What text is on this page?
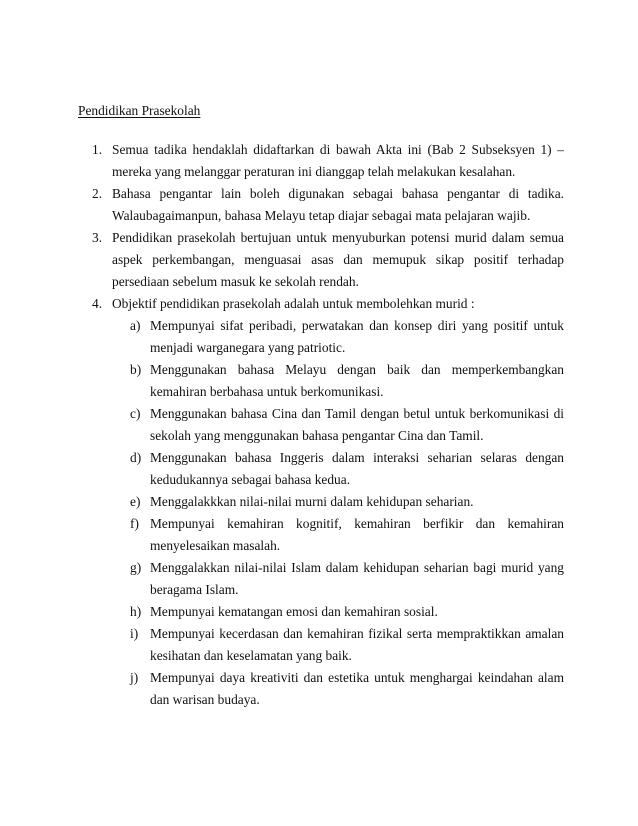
Pendidikan Prasekolah
1. Semua tadika hendaklah didaftarkan di bawah Akta ini (Bab 2 Subseksyen 1) – mereka yang melanggar peraturan ini dianggap telah melakukan kesalahan.
2. Bahasa pengantar lain boleh digunakan sebagai bahasa pengantar di tadika. Walaubagaimanpun, bahasa Melayu tetap diajar sebagai mata pelajaran wajib.
3. Pendidikan prasekolah bertujuan untuk menyuburkan potensi murid dalam semua aspek perkembangan, menguasai asas dan memupuk sikap positif terhadap persediaan sebelum masuk ke sekolah rendah.
4. Objektif pendidikan prasekolah adalah untuk membolehkan murid :
a) Mempunyai sifat peribadi, perwatakan dan konsep diri yang positif untuk menjadi warganegara yang patriotic.
b) Menggunakan bahasa Melayu dengan baik dan memperkembangkan kemahiran berbahasa untuk berkomunikasi.
c) Menggunakan bahasa Cina dan Tamil dengan betul untuk berkomunikasi di sekolah yang menggunakan bahasa pengantar Cina dan Tamil.
d) Menggunakan bahasa Inggeris dalam interaksi seharian selaras dengan kedudukannya sebagai bahasa kedua.
e) Menggalakkkan nilai-nilai murni dalam kehidupan seharian.
f) Mempunyai kemahiran kognitif, kemahiran berfikir dan kemahiran menyelesaikan masalah.
g) Menggalakkan nilai-nilai Islam dalam kehidupan seharian bagi murid yang beragama Islam.
h) Mempunyai kematangan emosi dan kemahiran sosial.
i) Mempunyai kecerdasan dan kemahiran fizikal serta mempraktikkan amalan kesihatan dan keselamatan yang baik.
j) Mempunyai daya kreativiti dan estetika untuk menghargai keindahan alam dan warisan budaya.
